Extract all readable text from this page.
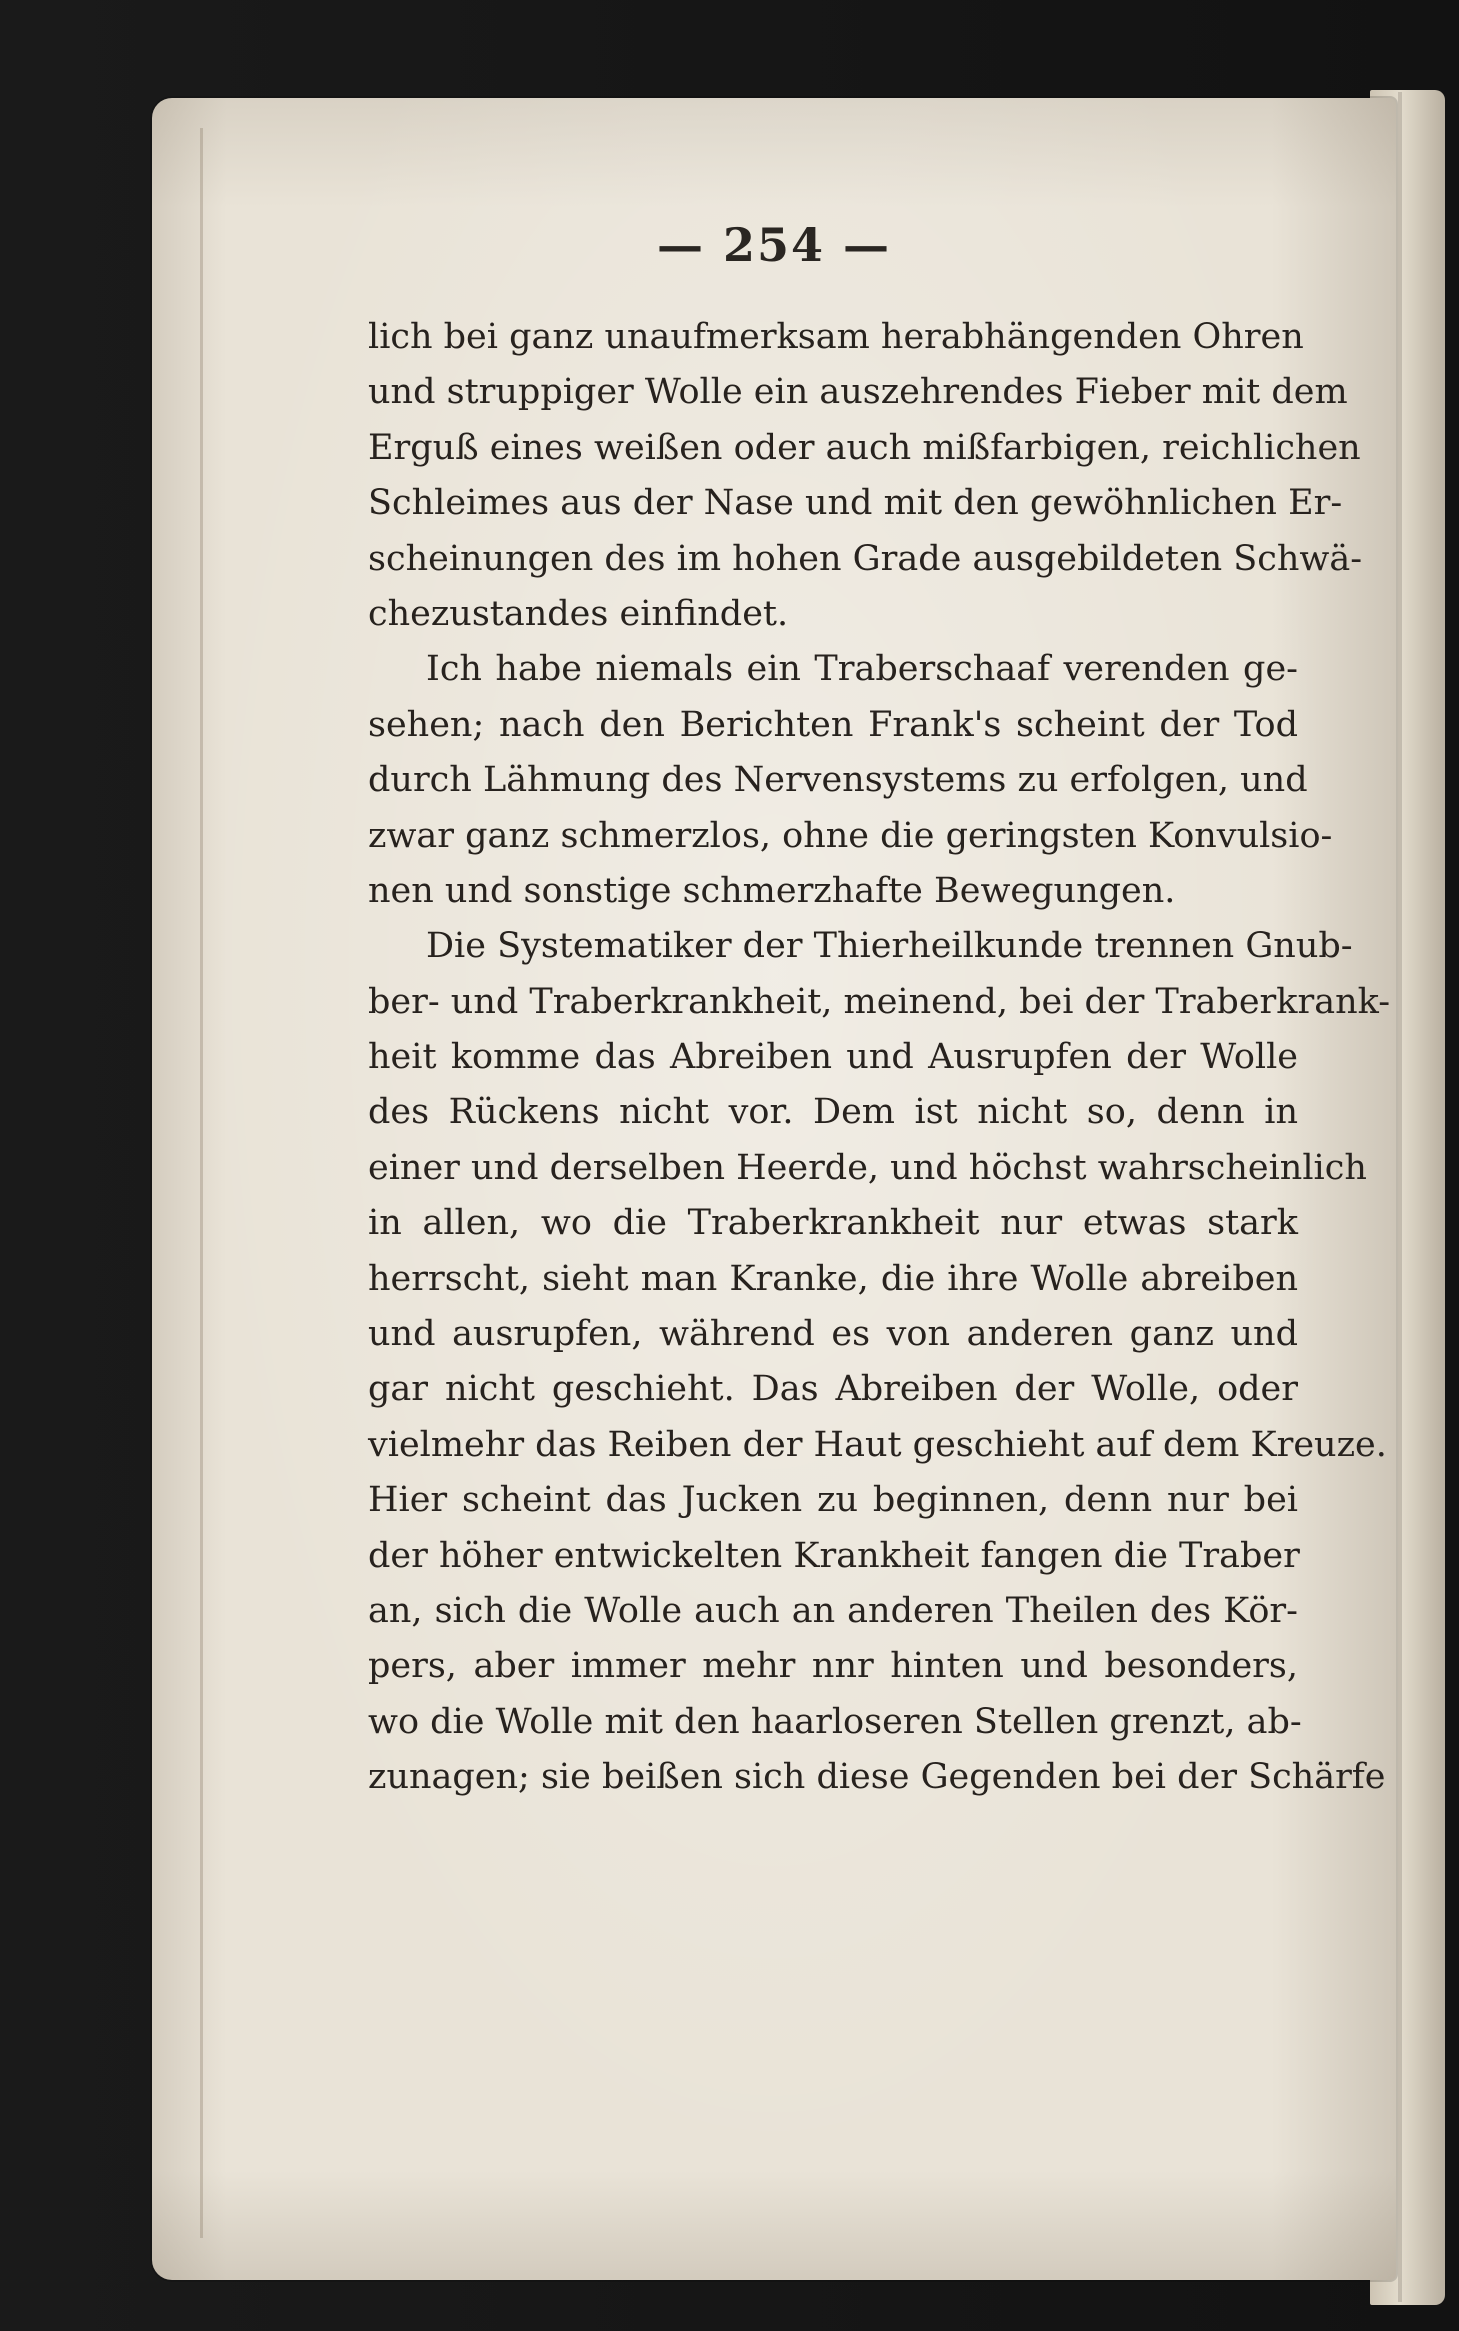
— 254 —
lich bei ganz unaufmerksam herabhängenden Ohren
und struppiger Wolle ein auszehrendes Fieber mit dem
Erguß eines weißen oder auch mißfarbigen, reichlichen
Schleimes aus der Nase und mit den gewöhnlichen Er-
scheinungen des im hohen Grade ausgebildeten Schwä-
chezustandes einfindet.
Ich habe niemals ein Traberschaaf verenden ge-
sehen; nach den Berichten Frank's scheint der Tod
durch Lähmung des Nervensystems zu erfolgen, und
zwar ganz schmerzlos, ohne die geringsten Konvulsio-
nen und sonstige schmerzhafte Bewegungen.
Die Systematiker der Thierheilkunde trennen Gnub-
ber- und Traberkrankheit, meinend, bei der Traberkrank-
heit komme das Abreiben und Ausrupfen der Wolle
des Rückens nicht vor. Dem ist nicht so, denn in
einer und derselben Heerde, und höchst wahrscheinlich
in allen, wo die Traberkrankheit nur etwas stark
herrscht, sieht man Kranke, die ihre Wolle abreiben
und ausrupfen, während es von anderen ganz und
gar nicht geschieht. Das Abreiben der Wolle, oder
vielmehr das Reiben der Haut geschieht auf dem Kreuze.
Hier scheint das Jucken zu beginnen, denn nur bei
der höher entwickelten Krankheit fangen die Traber
an, sich die Wolle auch an anderen Theilen des Kör-
pers, aber immer mehr nnr hinten und besonders,
wo die Wolle mit den haarloseren Stellen grenzt, ab-
zunagen; sie beißen sich diese Gegenden bei der Schärfe
